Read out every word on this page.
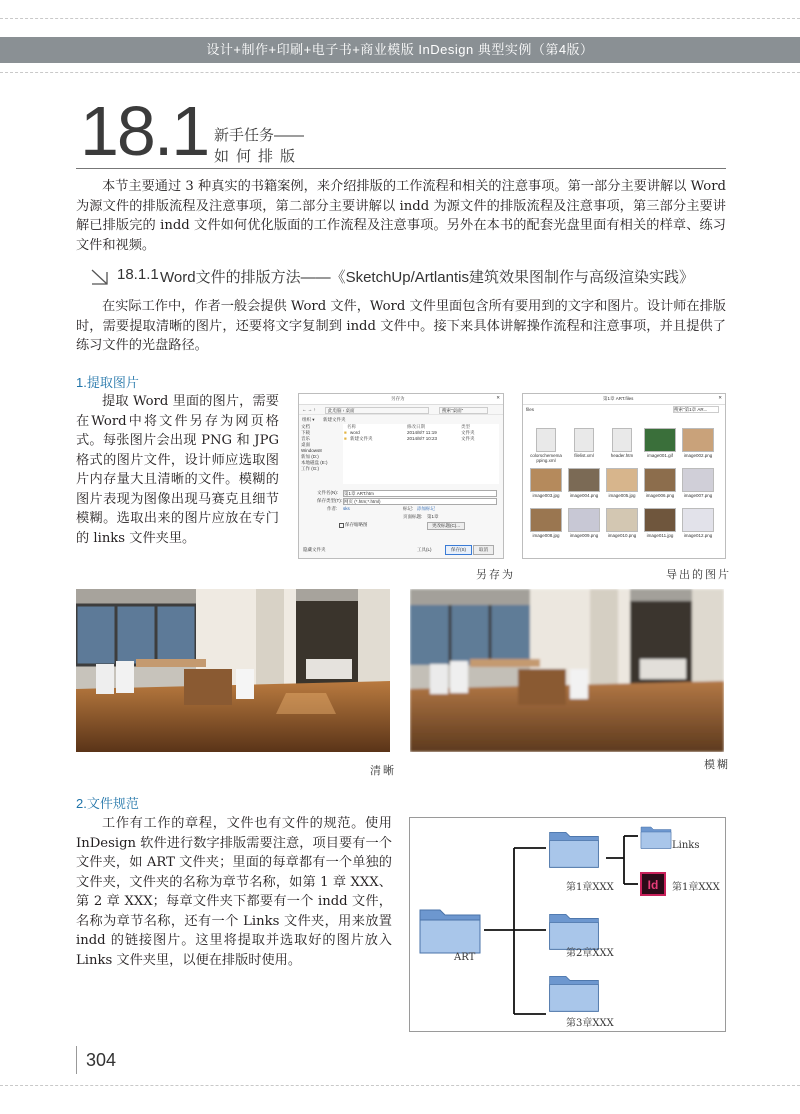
设计+制作+印刷+电子书+商业模版 InDesign 典型实例（第4版）
18.1 新手任务——
如何排版
本节主要通过 3 种真实的书籍案例，来介绍排版的工作流程和相关的注意事项。第一部分主要讲解以 Word 为源文件的排版流程及注意事项，第二部分主要讲解以 indd 为源文件的排版流程及注意事项，第三部分主要讲解已排版完的 indd 文件如何优化版面的工作流程及注意事项。另外在本书的配套光盘里面有相关的样章、练习文件和视频。
18.1.1 Word文件的排版方法——《SketchUp/Artlantis建筑效果图制作与高级渲染实践》

在实际工作中，作者一般会提供 Word 文件，Word 文件里面包含所有要用到的文字和图片。设计师在排版时，需要提取清晰的图片，还要将文字复制到 indd 文件中。接下来具体讲解操作流程和注意事项，并且提供了练习文件的光盘路径。

1.提取图片
提取 Word 里面的图片，需要在Word中将文件另存为网页格式。每张图片会出现 PNG 和 JPG 格式的图片文件，设计师应选取图片内存量大且清晰的文件。模糊的图片表现为图像出现马赛克且细节模糊。选取出来的图片应放在专门的 links 文件夹里。
另存为	✕
← → ↑	此电脑 › 桌面	搜索"桌面"
组织 ▾ 新建文件夹
文档
下载
音乐
桌面
Windows8
新加 (D:)
本地磁盘 (E:)
工作 (G:)
名称	修改日期	类型
■ word	2014/8/7 11:19	文件夹
■ 新建文件夹	2014/8/7 10:23	文件夹
文件名(N): 第1章 ART.htm
保存类型(T): 网页 (*.htm;*.html)
作者: sks	标记: 添加标记
页面标题: 第1章
保存缩略图	更改标题(C)...
隐藏文件夹	工具(L)	保存(S)	取消
第1章 ART.files	✕
files	搜索"第1章 AR...
colorschememapping.xml
filelist.xml	header.htm	image001.gif	image002.png
image003.jpg	image004.png	image005.jpg	image006.png	image007.png
image008.jpg	image009.png	image010.png	image011.jpg	image012.png
另存为	导出的图片
清晰	模糊
2.文件规范
工作有工作的章程，文件也有文件的规范。使用 InDesign 软件进行数字排版需要注意，项目要有一个文件夹，如 ART 文件夹；里面的每章都有一个单独的文件夹，文件夹的名称为章节名称，如第 1 章 XXX、第 2 章 XXX；每章文件夹下都要有一个 indd 文件，名称为章节名称，还有一个 Links 文件夹，用来放置 indd 的链接图片。这里将提取并选取好的图片放入 Links 文件夹里，以便在排版时使用。	ART
第1章XXX
第2章XXX
第3章XXX
Links
Id	第1章XXX
304
